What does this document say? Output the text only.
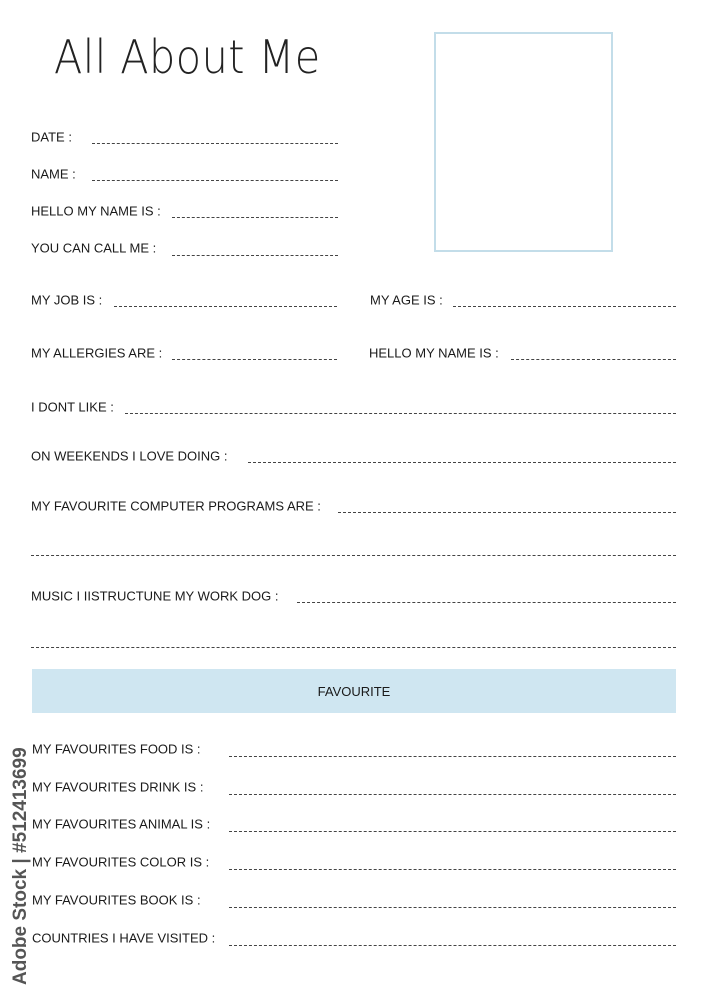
All About Me
DATE :
NAME :
HELLO MY NAME IS :
YOU CAN CALL ME :
MY JOB IS :	MY AGE IS :
MY ALLERGIES ARE :	HELLO MY NAME IS :
I DONT LIKE :
ON WEEKENDS I LOVE DOING :
MY FAVOURITE COMPUTER PROGRAMS ARE :
MUSIC I IISTRUCTUNE MY WORK DOG :
FAVOURITE
MY FAVOURITES FOOD IS :
MY FAVOURITES DRINK IS :
MY FAVOURITES ANIMAL IS :
MY FAVOURITES COLOR IS :
MY FAVOURITES BOOK IS :
COUNTRIES I HAVE VISITED :
Adobe Stock | #512413699
